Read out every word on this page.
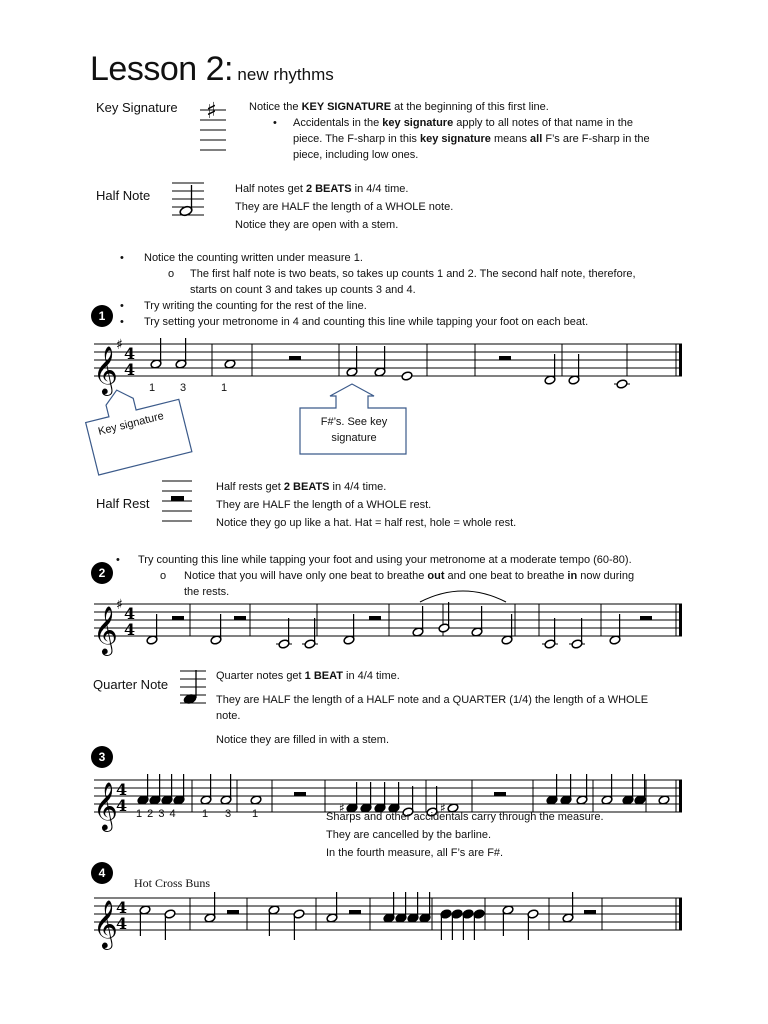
Lesson 2: new rhythms
Key Signature ♯	Notice the KEY SIGNATURE at the beginning of this first line.
•	Accidentals in the key signature apply to all notes of that name in the piece. The F-sharp in this key signature means all F’s are F-sharp in the piece, including low ones.
Half Note	Half notes get 2 BEATS in 4/4 time.
They are HALF the length of a WHOLE note.
Notice they are open with a stem.
•	Notice the counting written under measure 1.
o	The first half note is two beats, so takes up counts 1 and 2. The second half note, therefore, starts on count 3 and takes up counts 3 and 4.
•	Try writing the counting for the rest of the line.
•	Try setting your metronome in 4 and counting this line while tapping your foot on each beat.
1
𝄞
♯ 4
4
1 3	1
Key signature	F#’s. See key
signature
Half Rest
Half rests get 2 BEATS in 4/4 time.
They are HALF the length of a WHOLE rest.
Notice they go up like a hat. Hat = half rest, hole = whole rest.
•	Try counting this line while tapping your foot and using your metronome at a moderate tempo (60-80).
o	Notice that you will have only one beat to breathe out and one beat to breathe in now during
the rests.
2
𝄞
♯ 4
4
Quarter Note
Quarter notes get 1 BEAT in 4/4 time.
They are HALF the length of a HALF note and a QUARTER (1/4) the length of a WHOLE
note.
Notice they are filled in with a stem.
3
𝄞
4
4	♯	♯
1 2 3 4 1 3 1	Sharps and other accidentals carry through the measure.
They are cancelled by the barline.
In the fourth measure, all F’s are F#.
4
Hot Cross Buns
𝄞
4
4
